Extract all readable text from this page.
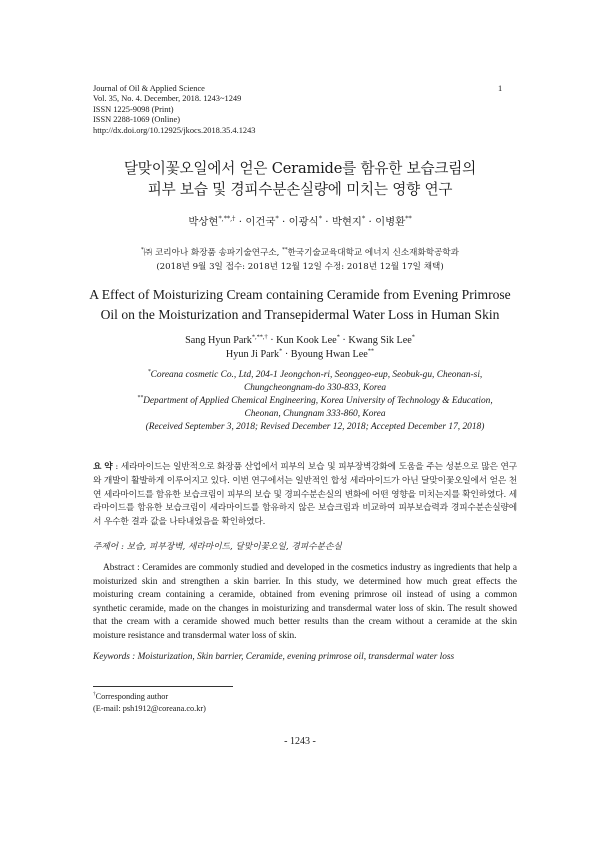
Journal of Oil & Applied Science
Vol. 35, No. 4. December, 2018. 1243~1249
ISSN 1225-9098 (Print)
ISSN 2288-1069 (Online)
http://dx.doi.org/10.12925/jkocs.2018.35.4.1243
1
달맞이꽃오일에서 얻은 Ceramide를 함유한 보습크림의
피부 보습 및 경피수분손실량에 미치는 영향 연구
박상현*,**,† · 이건국* · 이광식* · 박현지* · 이병환**
*㈜ 코리아나 화장품 송파기술연구소, **한국기술교육대학교 에너지 신소재화학공학과
(2018년 9월 3일 접수: 2018년 12월 12일 수정: 2018년 12월 17일 채택)
A Effect of Moisturizing Cream containing Ceramide from Evening Primrose
Oil on the Moisturization and Transepidermal Water Loss in Human Skin
Sang Hyun Park*,**,† · Kun Kook Lee* · Kwang Sik Lee*
Hyun Ji Park* · Byoung Hwan Lee**
*Coreana cosmetic Co., Ltd, 204-1 Jeongchon-ri, Seonggeo-eup, Seobuk-gu, Cheonan-si,
Chungcheongnam-do 330-833, Korea
**Department of Applied Chemical Engineering, Korea University of Technology & Education,
Cheonan, Chungnam 333-860, Korea
(Received September 3, 2018; Revised December 12, 2018; Accepted December 17, 2018)
요 약 : 세라마이드는 일반적으로 화장품 산업에서 피부의 보습 및 피부장벽강화에 도움을 주는 성분으로 많은 연구와 개발이 활발하게 이루어지고 있다. 이번 연구에서는 일반적인 합성 세라마이드가 아닌 달맞이꽃오일에서 얻은 천연 세라마이드를 함유한 보습크림이 피부의 보습 및 경피수분손실의 변화에 어떤 영향을 미치는지를 확인하였다. 세라마이드를 함유한 보습크림이 세라마이드를 함유하지 않은 보습크림과 비교하여 피부보습력과 경피수분손실량에서 우수한 결과 값을 나타내었음을 확인하였다.
주제어 : 보습, 피부장벽, 세라마이드, 달맞이꽃오일, 경피수분손실
Abstract : Ceramides are commonly studied and developed in the cosmetics industry as ingredients that help a moisturized skin and strengthen a skin barrier. In this study, we determined how much great effects the moisturing cream containing a ceramide, obtained from evening primrose oil instead of using a common synthetic ceramide, made on the changes in moisturizing and transdermal water loss of skin. The result showed that the cream with a ceramide showed much better results than the cream without a ceramide at the skin moisture resistance and transdermal water loss of skin.
Keywords : Moisturization, Skin barrier, Ceramide, evening primrose oil, transdermal water loss
†Corresponding author
(E-mail: psh1912@coreana.co.kr)
- 1243 -
